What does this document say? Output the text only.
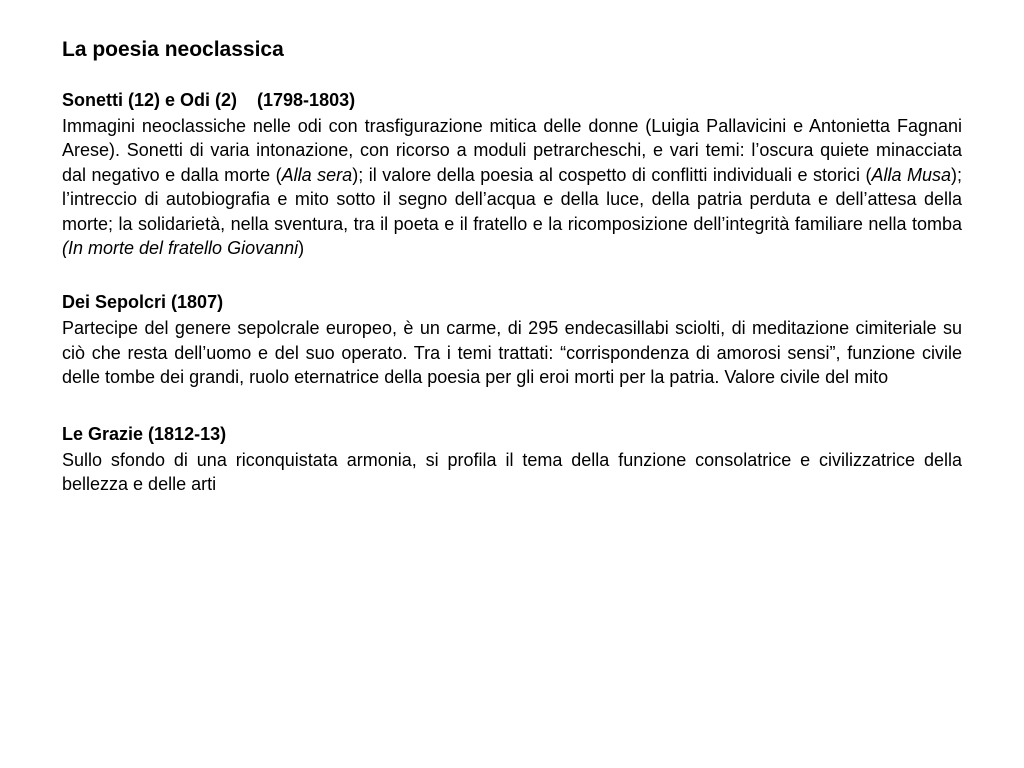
La poesia neoclassica
Sonetti (12) e Odi (2)    (1798-1803)

Immagini neoclassiche nelle odi con trasfigurazione mitica delle donne (Luigia Pallavicini e Antonietta Fagnani Arese). Sonetti di varia intonazione, con ricorso a moduli petrarcheschi, e vari temi: l’oscura quiete minacciata dal negativo e dalla morte (Alla sera); il valore della poesia al cospetto di conflitti individuali e storici (Alla Musa); l’intreccio di autobiografia e mito sotto il segno dell’acqua e della luce, della patria perduta e dell’attesa della morte; la solidarietà, nella sventura, tra il poeta e il fratello e la ricomposizione dell’integrità familiare nella tomba (In morte del fratello Giovanni)

Dei Sepolcri (1807)

Partecipe del genere sepolcrale europeo, è un carme, di 295 endecasillabi sciolti, di meditazione cimiteriale su ciò che resta dell’uomo e del suo operato. Tra i temi trattati: “corrispondenza di amorosi sensi”, funzione civile delle tombe dei grandi, ruolo eternatrice della poesia per gli eroi morti per la patria. Valore civile del mito

Le Grazie (1812-13)

Sullo sfondo di una riconquistata armonia, si profila il tema della funzione consolatrice e civilizzatrice della bellezza e delle arti
